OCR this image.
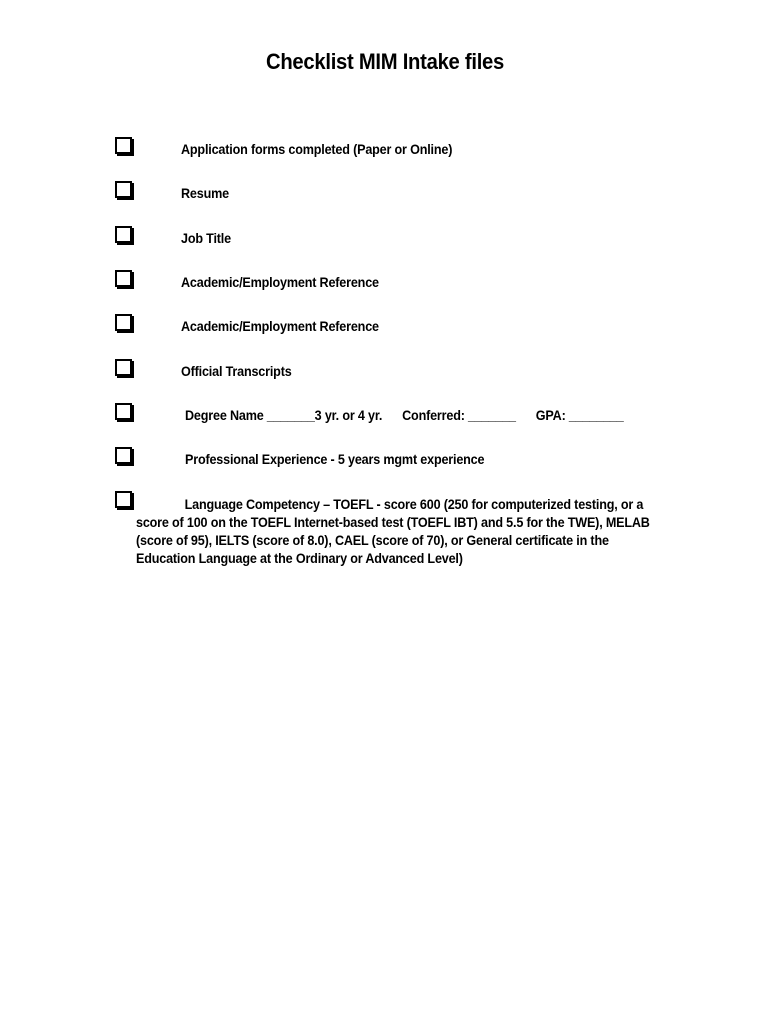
Checklist MIM Intake files
Application forms completed (Paper or Online)
Resume
Job Title
Academic/Employment Reference
Academic/Employment Reference
Official Transcripts
Degree Name _______3 yr. or 4 yr.      Conferred: _______      GPA: ________
Professional Experience - 5 years mgmt experience
Language Competency – TOEFL - score 600 (250 for computerized testing, or a score of 100 on the TOEFL Internet-based test (TOEFL IBT) and 5.5 for the TWE), MELAB (score of 95), IELTS (score of 8.0), CAEL (score of 70), or General certificate in the Education Language at the Ordinary or Advanced Level)
